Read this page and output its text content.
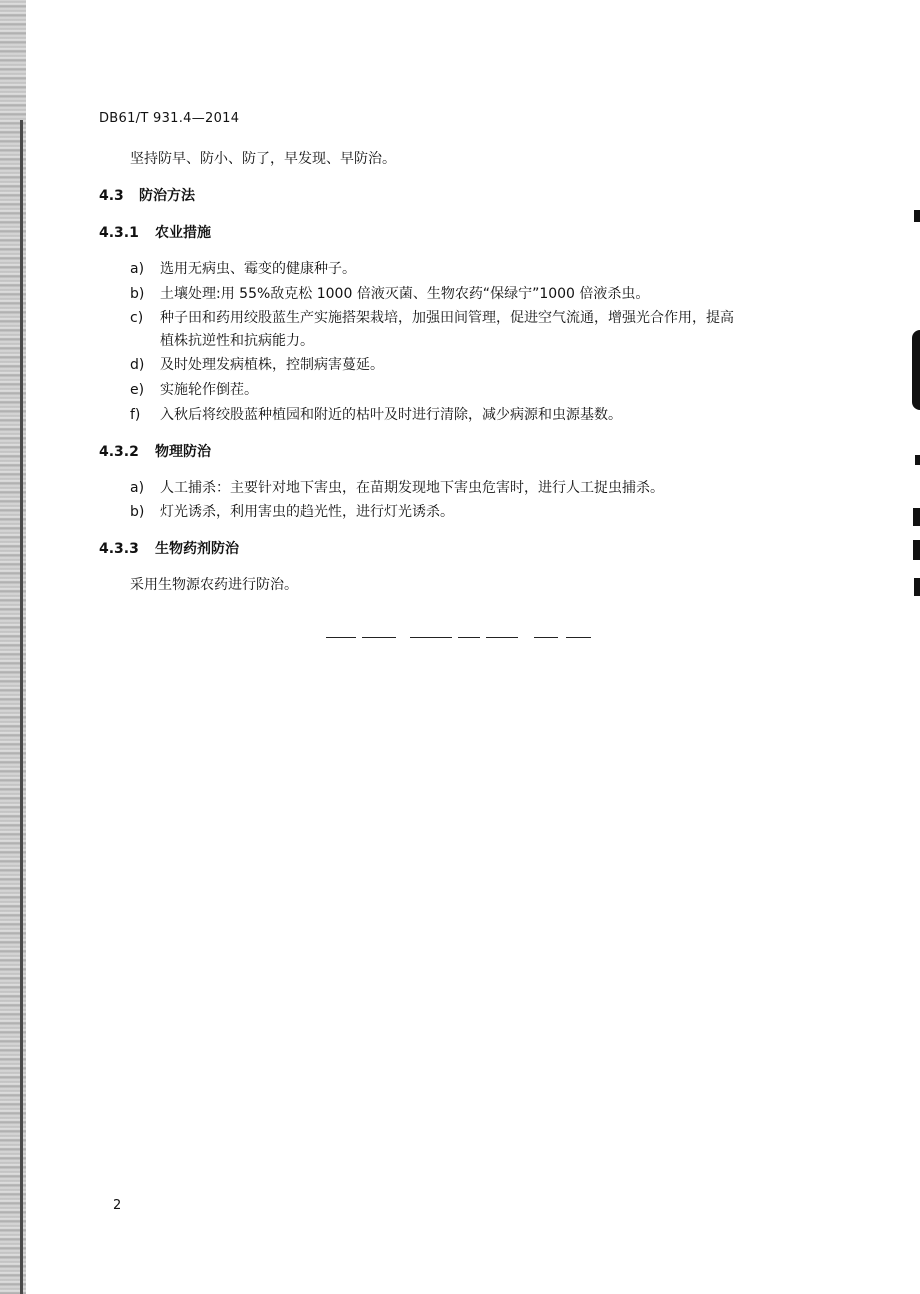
DB61/T 931.4—2014
坚持防早、防小、防了，早发现、早防治。
4.3 防治方法
4.3.1 农业措施
a) 选用无病虫、霉变的健康种子。
b) 土壤处理:用 55%敌克松 1000 倍液灭菌、生物农药“保绿宁”1000 倍液杀虫。
c) 种子田和药用绞股蓝生产实施搭架栽培，加强田间管理，促进空气流通，增强光合作用，提高
植株抗逆性和抗病能力。
d) 及时处理发病植株，控制病害蔓延。
e) 实施轮作倒茬。
f) 入秋后将绞股蓝种植园和附近的枯叶及时进行清除，减少病源和虫源基数。
4.3.2 物理防治
a) 人工捕杀：主要针对地下害虫，在苗期发现地下害虫危害时，进行人工捉虫捕杀。
b) 灯光诱杀，利用害虫的趋光性，进行灯光诱杀。
4.3.3 生物药剂防治
采用生物源农药进行防治。
2
